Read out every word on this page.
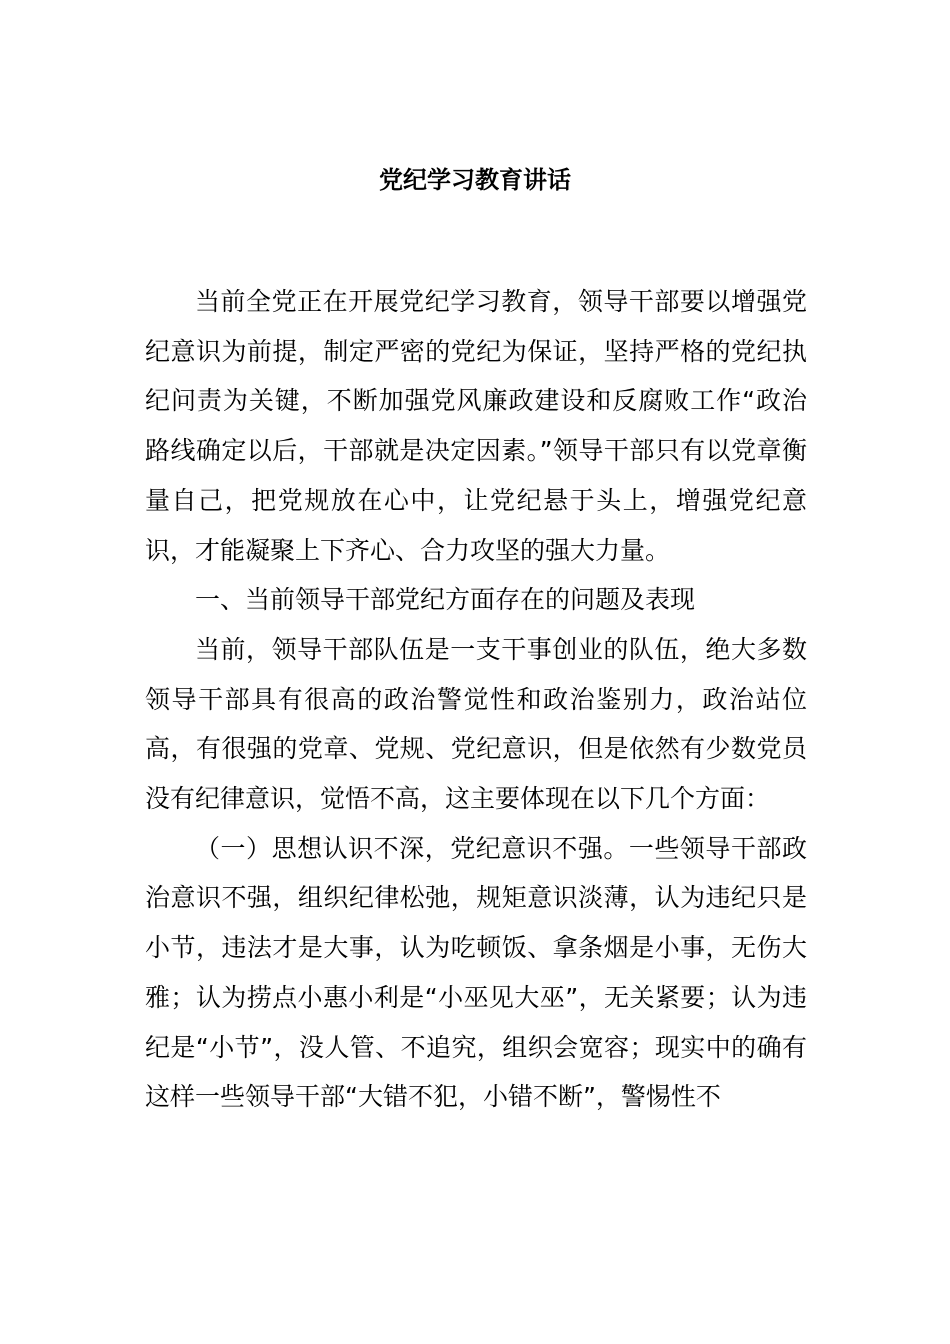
党纪学习教育讲话

当前全党正在开展党纪学习教育，领导干部要以增强党纪意识为前提，制定严密的党纪为保证，坚持严格的党纪执纪问责为关键，不断加强党风廉政建设和反腐败工作“政治路线确定以后，干部就是决定因素。”领导干部只有以党章衡量自己，把党规放在心中，让党纪悬于头上，增强党纪意识，才能凝聚上下齐心、合力攻坚的强大力量。

一、当前领导干部党纪方面存在的问题及表现

当前，领导干部队伍是一支干事创业的队伍，绝大多数领导干部具有很高的政治警觉性和政治鉴别力，政治站位高，有很强的党章、党规、党纪意识，但是依然有少数党员没有纪律意识，觉悟不高，这主要体现在以下几个方面：

（一）思想认识不深，党纪意识不强。一些领导干部政治意识不强，组织纪律松弛，规矩意识淡薄，认为违纪只是小节，违法才是大事，认为吃顿饭、拿条烟是小事，无伤大雅；认为捞点小惠小利是“小巫见大巫”，无关紧要；认为违纪是“小节”，没人管、不追究，组织会宽容；现实中的确有这样一些领导干部“大错不犯，小错不断”，警惕性不
